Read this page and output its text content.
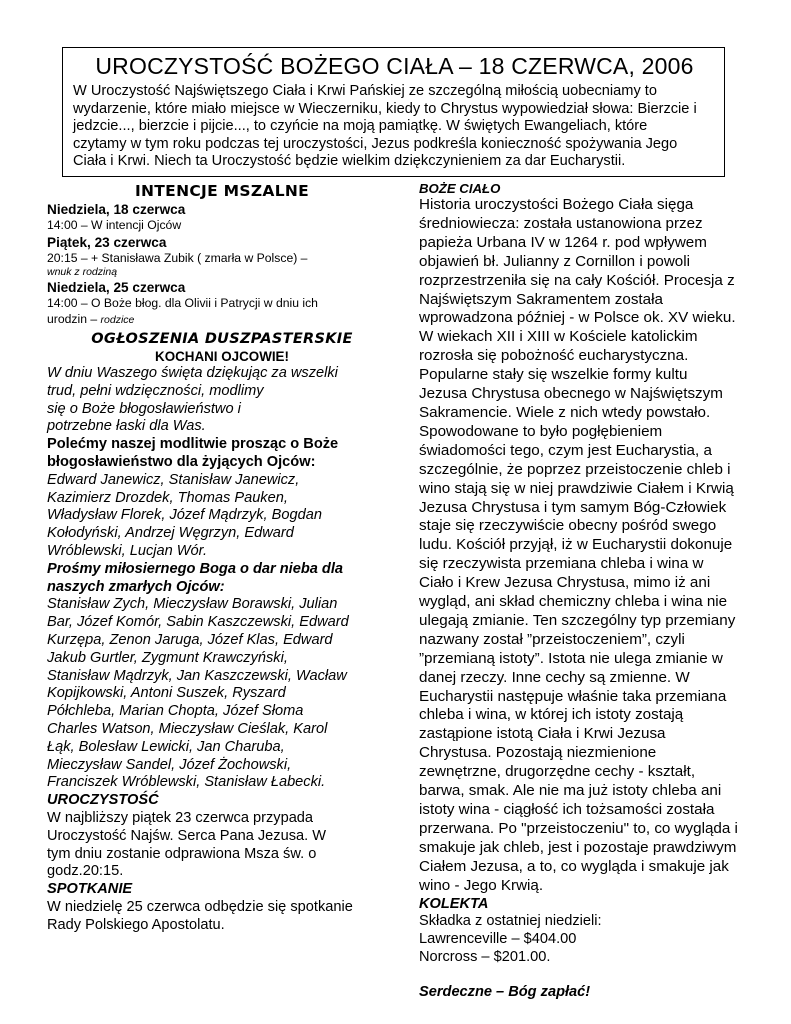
UROCZYSTOŚĆ BOŻEGO CIAŁA – 18 CZERWCA, 2006
W Uroczystość Najświętszego Ciała i Krwi Pańskiej ze szczególną miłością uobecniamy to
wydarzenie, które miało miejsce w Wieczerniku, kiedy to Chrystus wypowiedział słowa: Bierzcie i
jedzcie..., bierzcie i pijcie..., to czyńcie na moją pamiątkę. W świętych Ewangeliach, które
czytamy w tym roku podczas tej uroczystości, Jezus podkreśla konieczność spożywania Jego
Ciała i Krwi. Niech ta Uroczystość będzie wielkim dziękczynieniem za dar Eucharystii.
INTENCJE MSZALNE
Niedziela, 18 czerwca
14:00 – W intencji Ojców
Piątek, 23 czerwca
20:15 – + Stanisława Zubik ( zmarła w Polsce) –
wnuk z rodziną
Niedziela, 25 czerwca
14:00 – O Boże błog. dla Olivii i Patrycji w dniu ich
urodzin – rodzice
OGŁOSZENIA DUSZPASTERSKIE
KOCHANI OJCOWIE!
W dniu Waszego święta dziękując za wszelki
trud, pełni wdzięczności, modlimy
się o Boże błogosławieństwo i
potrzebne łaski dla Was.
Polećmy naszej modlitwie prosząc o Boże
błogosławieństwo dla żyjących Ojców:
Edward Janewicz, Stanisław Janewicz,
Kazimierz Drozdek, Thomas Pauken,
Władysław Florek, Józef Mądrzyk, Bogdan
Kołodyński, Andrzej Węgrzyn, Edward
Wróblewski, Lucjan Wór.
Prośmy miłosiernego Boga o dar nieba dla
naszych zmarłych Ojców:
Stanisław Zych, Mieczysław Borawski, Julian
Bar, Józef Komór, Sabin Kaszczewski, Edward
Kurzępa, Zenon Jaruga, Józef Klas, Edward
Jakub Gurtler, Zygmunt Krawczyński,
Stanisław Mądrzyk, Jan Kaszczewski, Wacław
Kopijkowski, Antoni Suszek, Ryszard
Półchleba, Marian Chopta, Józef Słoma
Charles Watson, Mieczysław Cieślak, Karol
Łąk, Bolesław Lewicki, Jan Charuba,
Mieczysław Sandel, Józef Żochowski,
Franciszek Wróblewski, Stanisław Łabecki.
UROCZYSTOŚĆ
W najbliższy piątek 23 czerwca przypada
Uroczystość Najśw. Serca Pana Jezusa. W
tym dniu zostanie odprawiona Msza św. o
godz.20:15.
SPOTKANIE
W niedzielę 25 czerwca odbędzie się spotkanie
Rady Polskiego Apostolatu.
BOŻE CIAŁO
Historia uroczystości Bożego Ciała sięga
średniowiecza: została ustanowiona przez
papieża Urbana IV w 1264 r. pod wpływem
objawień bł. Julianny z Cornillon i powoli
rozprzestrzeniła się na cały Kościół. Procesja z
Najświętszym Sakramentem została
wprowadzona później - w Polsce ok. XV wieku.
W wiekach XII i XIII w Kościele katolickim
rozrosła się pobożność eucharystyczna.
Popularne stały się wszelkie formy kultu
Jezusa Chrystusa obecnego w Najświętszym
Sakramencie. Wiele z nich wtedy powstało.
Spowodowane to było pogłębieniem
świadomości tego, czym jest Eucharystia, a
szczególnie, że poprzez przeistoczenie chleb i
wino stają się w niej prawdziwie Ciałem i Krwią
Jezusa Chrystusa i tym samym Bóg-Człowiek
staje się rzeczywiście obecny pośród swego
ludu. Kościół przyjął, iż w Eucharystii dokonuje
się rzeczywista przemiana chleba i wina w
Ciało i Krew Jezusa Chrystusa, mimo iż ani
wygląd, ani skład chemiczny chleba i wina nie
ulegają zmianie. Ten szczególny typ przemiany
nazwany został ”przeistoczeniem”, czyli
”przemianą istoty”. Istota nie ulega zmianie w
danej rzeczy. Inne cechy są zmienne. W
Eucharystii następuje właśnie taka przemiana
chleba i wina, w której ich istoty zostają
zastąpione istotą Ciała i Krwi Jezusa
Chrystusa. Pozostają niezmienione
zewnętrzne, drugorzędne cechy - kształt,
barwa, smak. Ale nie ma już istoty chleba ani
istoty wina - ciągłość ich tożsamości została
przerwana. Po "przeistoczeniu" to, co wygląda i
smakuje jak chleb, jest i pozostaje prawdziwym
Ciałem Jezusa, a to, co wygląda i smakuje jak
wino - Jego Krwią.
KOLEKTA
Składka z ostatniej niedzieli:
Lawrenceville – $404.00
Norcross – $201.00.
Serdeczne – Bóg zapłać!
